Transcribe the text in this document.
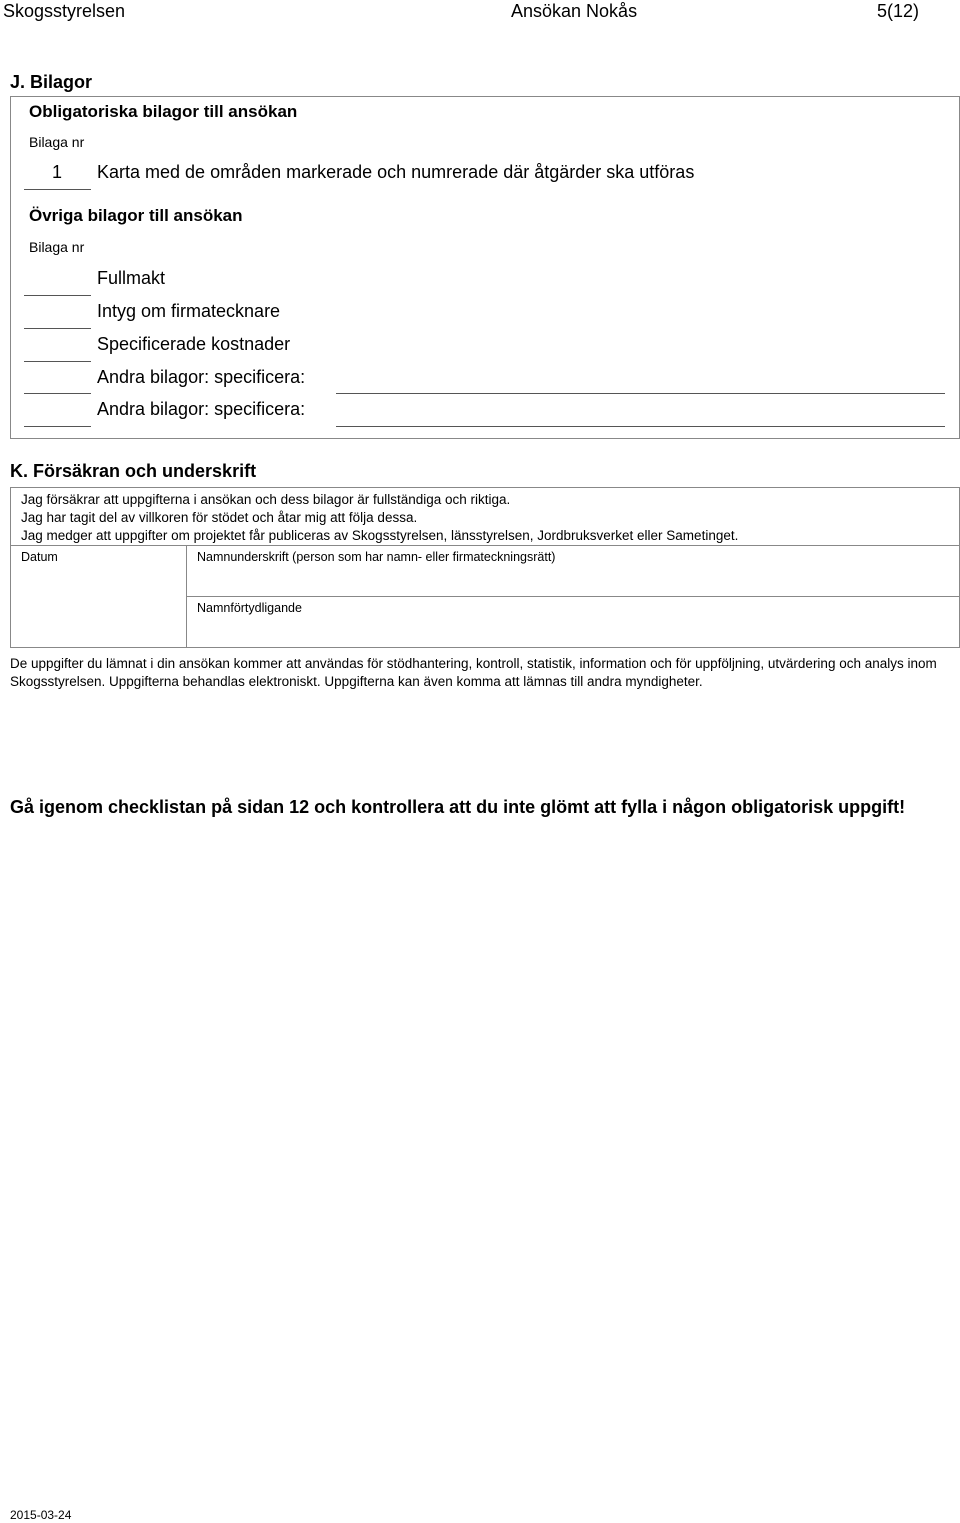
Skogsstyrelsen	Ansökan Nokås	5(12)
J. Bilagor
Obligatoriska bilagor till ansökan
Bilaga nr
1 Karta med de områden markerade och numrerade där åtgärder ska utföras
Övriga bilagor till ansökan
Bilaga nr
Fullmakt
Intyg om firmatecknare
Specificerade kostnader
Andra bilagor: specificera:
Andra bilagor: specificera:
K. Försäkran och underskrift
Jag försäkrar att uppgifterna i ansökan och dess bilagor är fullständiga och riktiga.
Jag har tagit del av villkoren för stödet och åtar mig att följa dessa.
Jag medger att uppgifter om projektet får publiceras av Skogsstyrelsen, länsstyrelsen, Jordbruksverket eller Sametinget.
Datum	Namnunderskrift (person som har namn- eller firmateckningsrätt)
Namnförtydligande
De uppgifter du lämnat i din ansökan kommer att användas för stödhantering, kontroll, statistik, information och för uppföljning, utvärdering och analys inom Skogsstyrelsen. Uppgifterna behandlas elektroniskt. Uppgifterna kan även komma att lämnas till andra myndigheter.
Gå igenom checklistan på sidan 12 och kontrollera att du inte glömt att fylla i någon obligatorisk uppgift!
2015-03-24
